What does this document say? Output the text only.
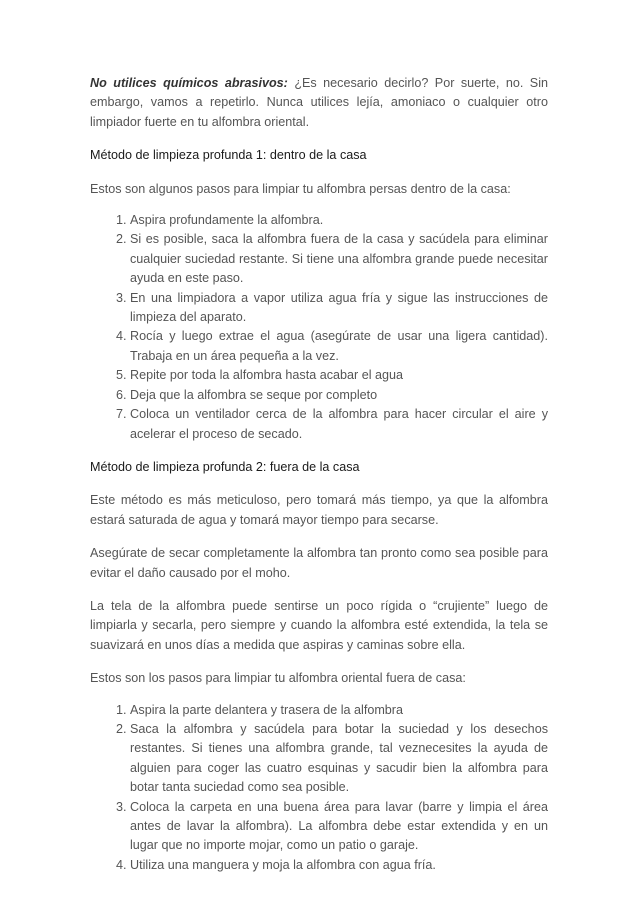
No utilices químicos abrasivos: ¿Es necesario decirlo? Por suerte, no. Sin embargo, vamos a repetirlo. Nunca utilices lejía, amoniaco o cualquier otro limpiador fuerte en tu alfombra oriental.

Método de limpieza profunda 1: dentro de la casa

Estos son algunos pasos para limpiar tu alfombra persas dentro de la casa:

1. Aspira profundamente la alfombra.
2. Si es posible, saca la alfombra fuera de la casa y sacúdela para eliminar cualquier suciedad restante. Si tiene una alfombra grande puede necesitar ayuda en este paso.
3. En una limpiadora a vapor utiliza agua fría y sigue las instrucciones de limpieza del aparato.
4. Rocía y luego extrae el agua (asegúrate de usar una ligera cantidad). Trabaja en un área pequeña a la vez.
5. Repite por toda la alfombra hasta acabar el agua
6. Deja que la alfombra se seque por completo
7. Coloca un ventilador cerca de la alfombra para hacer circular el aire y acelerar el proceso de secado.

Método de limpieza profunda 2: fuera de la casa

Este método es más meticuloso, pero tomará más tiempo, ya que la alfombra estará saturada de agua y tomará mayor tiempo para secarse.

Asegúrate de secar completamente la alfombra tan pronto como sea posible para evitar el daño causado por el moho.

La tela de la alfombra puede sentirse un poco rígida o “crujiente” luego de limpiarla y secarla, pero siempre y cuando la alfombra esté extendida, la tela se suavizará en unos días a medida que aspiras y caminas sobre ella.

Estos son los pasos para limpiar tu alfombra oriental fuera de casa:

1. Aspira la parte delantera y trasera de la alfombra
2. Saca la alfombra y sacúdela para botar la suciedad y los desechos restantes. Si tienes una alfombra grande, tal veznecesites la ayuda de alguien para coger las cuatro esquinas y sacudir bien la alfombra para botar tanta suciedad como sea posible.
3. Coloca la carpeta en una buena área para lavar (barre y limpia el área antes de lavar la alfombra). La alfombra debe estar extendida y en un lugar que no importe mojar, como un patio o garaje.
4. Utiliza una manguera y moja la alfombra con agua fría.
